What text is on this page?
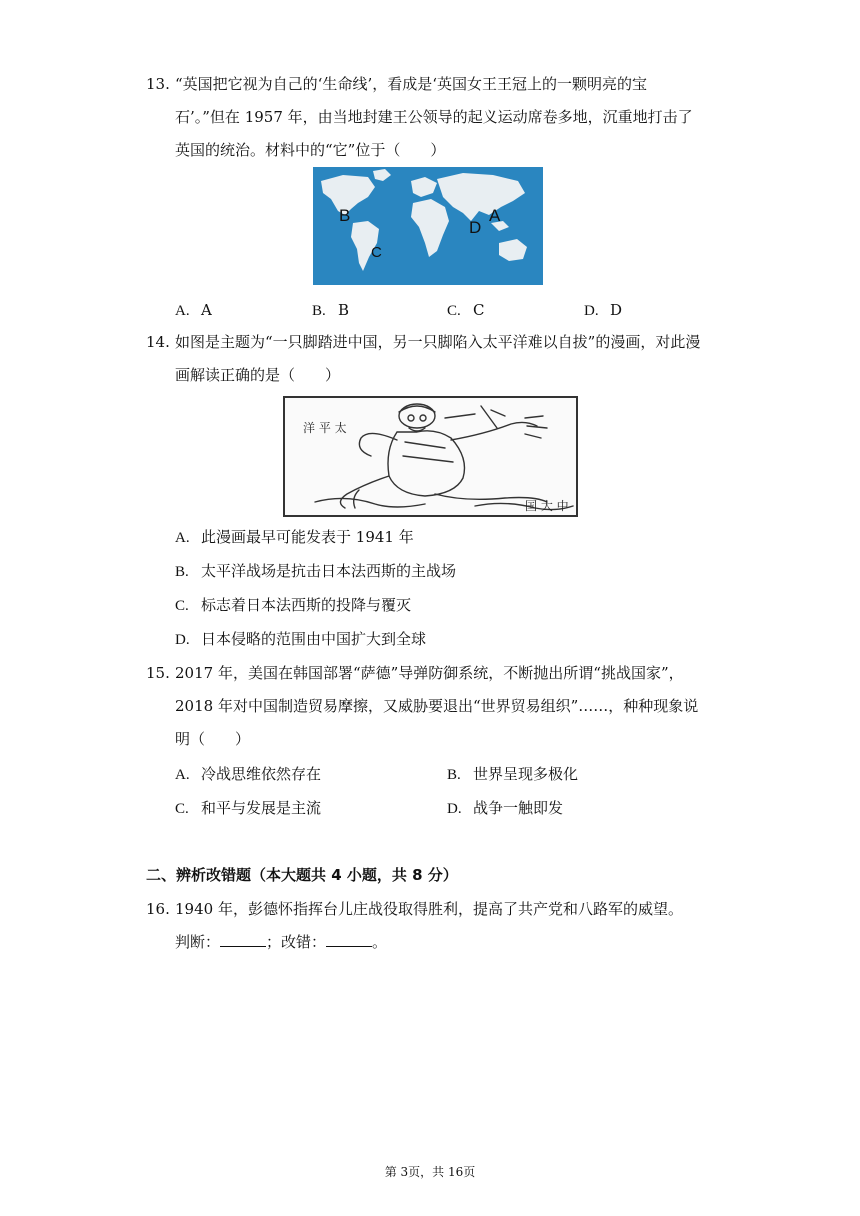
13. “英国把它视为自己的‘生命线’，看成是‘英国女王王冠上的一颗明亮的宝
石’。”但在 1957 年，由当地封建王公领导的起义运动席卷多地，沉重地打击了
英国的统治。材料中的“它”位于（　　）
B
C
D
A
A. A	B. B	C. C	D. D
14. 如图是主题为“一只脚踏进中国，另一只脚陷入太平洋难以自拔”的漫画，对此漫
画解读正确的是（　　）
洋 平 太
国 大 中
A. 此漫画最早可能发表于 1941 年
B. 太平洋战场是抗击日本法西斯的主战场
C. 标志着日本法西斯的投降与覆灭
D. 日本侵略的范围由中国扩大到全球
15. 2017 年，美国在韩国部署“萨德”导弹防御系统，不断抛出所谓“挑战国家”，
2018 年对中国制造贸易摩擦，又威胁要退出“世界贸易组织”……，种种现象说
明（　　）
A. 冷战思维依然存在	B. 世界呈现多极化
C. 和平与发展是主流	D. 战争一触即发
二、辨析改错题（本大题共 4 小题，共 8 分）
16. 1940 年，彭德怀指挥台儿庄战役取得胜利，提高了共产党和八路军的威望。
判断：	；改错：	。
第 3页，共 16页
